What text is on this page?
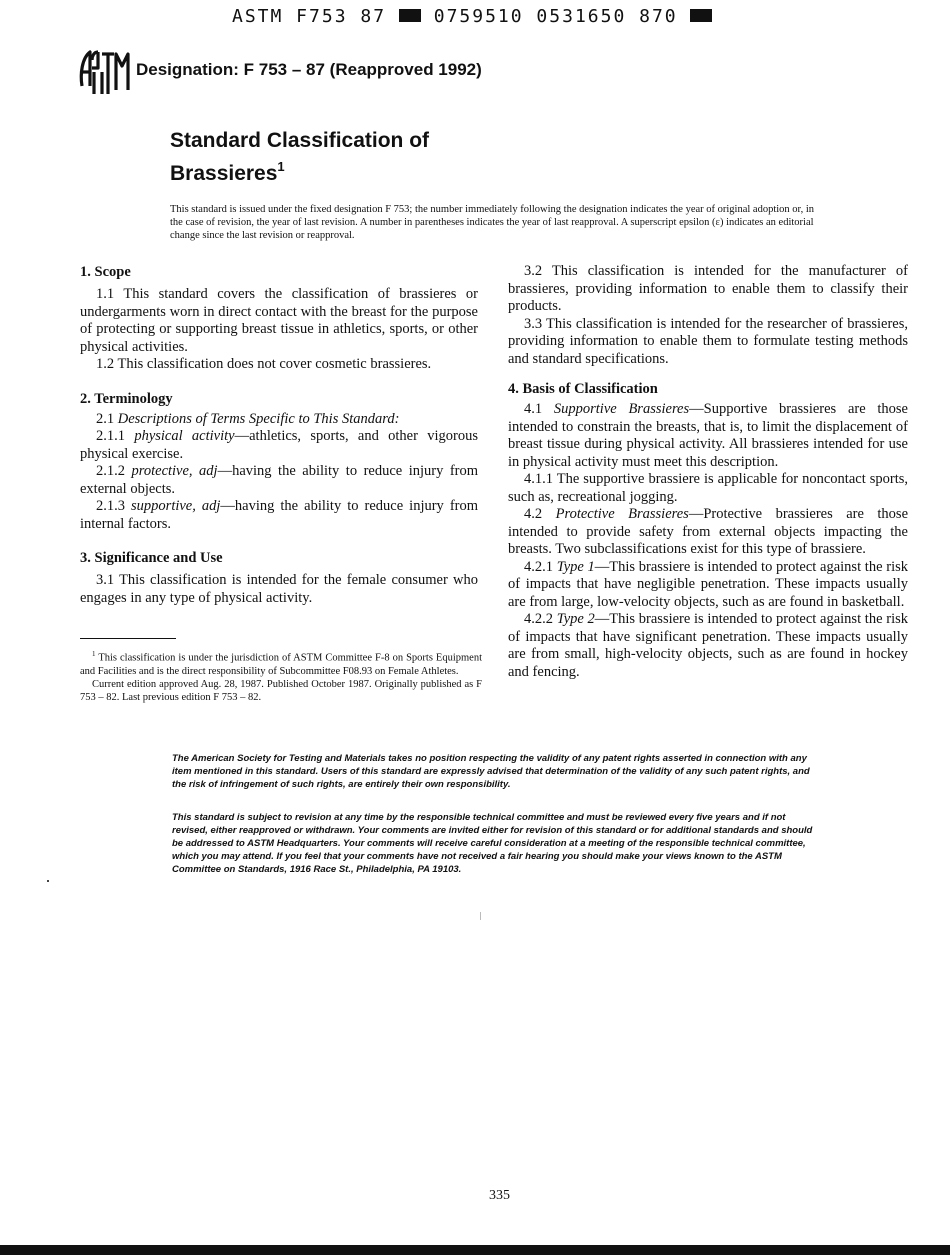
ASTM F753 87	0759510 0531650 870
Designation: F 753 – 87 (Reapproved 1992)
Standard Classification of
Brassieres$^1$
This standard is issued under the fixed designation F 753; the number immediately following the designation indicates the year of original adoption or, in the case of revision, the year of last revision. A number in parentheses indicates the year of last reapproval. A superscript epsilon (ε) indicates an editorial change since the last revision or reapproval.
1. Scope

1.1 This standard covers the classification of brassieres or undergarments worn in direct contact with the breast for the purpose of protecting or supporting breast tissue in athletics, sports, or other physical activities.

1.2 This classification does not cover cosmetic brassieres.

2. Terminology

2.1 Descriptions of Terms Specific to This Standard:

2.1.1 physical activity—athletics, sports, and other vigorous physical exercise.

2.1.2 protective, adj—having the ability to reduce injury from external objects.

2.1.3 supportive, adj—having the ability to reduce injury from internal factors.

3. Significance and Use

3.1 This classification is intended for the female consumer who engages in any type of physical activity.

$^1$ This classification is under the jurisdiction of ASTM Committee F-8 on Sports Equipment and Facilities and is the direct responsibility of Subcommittee F08.93 on Female Athletes.

Current edition approved Aug. 28, 1987. Published October 1987. Originally published as F 753 – 82. Last previous edition F 753 – 82.

3.2 This classification is intended for the manufacturer of brassieres, providing information to enable them to classify their products.

3.3 This classification is intended for the researcher of brassieres, providing information to enable them to formulate testing methods and standard specifications.

4. Basis of Classification

4.1 Supportive Brassieres—Supportive brassieres are those intended to constrain the breasts, that is, to limit the displacement of breast tissue during physical activity. All brassieres intended for use in physical activity must meet this description.

4.1.1 The supportive brassiere is applicable for noncontact sports, such as, recreational jogging.

4.2 Protective Brassieres—Protective brassieres are those intended to provide safety from external objects impacting the breasts. Two subclassifications exist for this type of brassiere.

4.2.1 Type 1—This brassiere is intended to protect against the risk of impacts that have negligible penetration. These impacts usually are from large, low-velocity objects, such as are found in basketball.

4.2.2 Type 2—This brassiere is intended to protect against the risk of impacts that have significant penetration. These impacts usually are from small, high-velocity objects, such as are found in hockey and fencing.

The American Society for Testing and Materials takes no position respecting the validity of any patent rights asserted in connection with any item mentioned in this standard. Users of this standard are expressly advised that determination of the validity of any such patent rights, and the risk of infringement of such rights, are entirely their own responsibility.
This standard is subject to revision at any time by the responsible technical committee and must be reviewed every five years and if not revised, either reapproved or withdrawn. Your comments are invited either for revision of this standard or for additional standards and should be addressed to ASTM Headquarters. Your comments will receive careful consideration at a meeting of the responsible technical committee, which you may attend. If you feel that your comments have not received a fair hearing you should make your views known to the ASTM Committee on Standards, 1916 Race St., Philadelphia, PA 19103.
335
